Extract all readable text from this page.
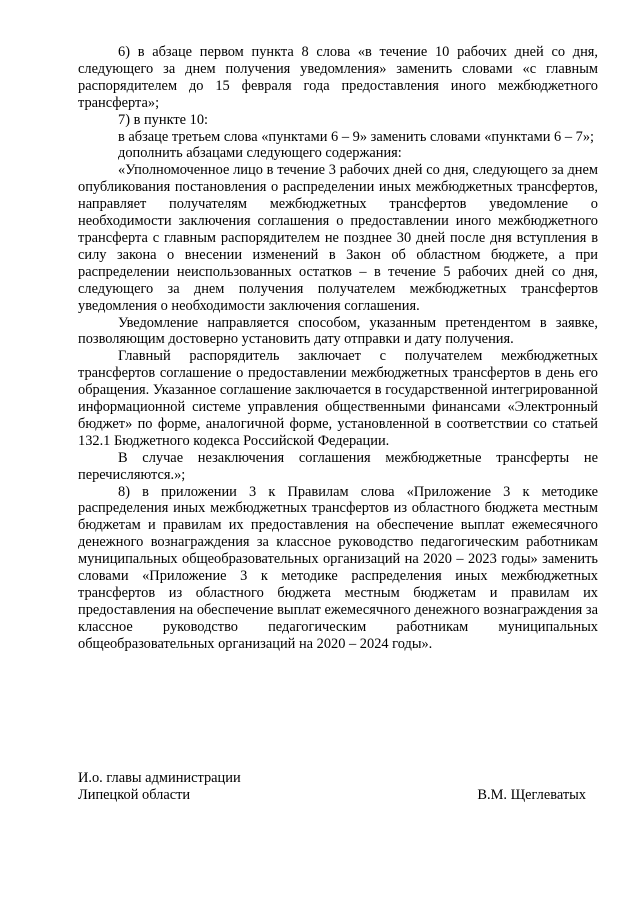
6) в абзаце первом пункта 8 слова «в течение 10 рабочих дней со дня, следующего за днем получения уведомления» заменить словами «с главным распорядителем до 15 февраля года предоставления иного межбюджетного трансферта»;

7) в пункте 10:

в абзаце третьем слова «пунктами 6 – 9» заменить словами «пунктами 6 – 7»;

дополнить абзацами следующего содержания:

«Уполномоченное лицо в течение 3 рабочих дней со дня, следующего за днем опубликования постановления о распределении иных межбюджетных трансфертов, направляет получателям межбюджетных трансфертов уведомление о необходимости заключения соглашения о предоставлении иного межбюджетного трансферта с главным распорядителем не позднее 30 дней после дня вступления в силу закона о внесении изменений в Закон об областном бюджете, а при распределении неиспользованных остатков – в течение 5 рабочих дней со дня, следующего за днем получения получателем межбюджетных трансфертов уведомления о необходимости заключения соглашения.

Уведомление направляется способом, указанным претендентом в заявке, позволяющим достоверно установить дату отправки и дату получения.

Главный распорядитель заключает с получателем межбюджетных трансфертов соглашение о предоставлении межбюджетных трансфертов в день его обращения. Указанное соглашение заключается в государственной интегрированной информационной системе управления общественными финансами «Электронный бюджет» по форме, аналогичной форме, установленной в соответствии со статьей 132.1 Бюджетного кодекса Российской Федерации.

В случае незаключения соглашения межбюджетные трансферты не перечисляются.»;

8) в приложении 3 к Правилам слова «Приложение 3 к методике распределения иных межбюджетных трансфертов из областного бюджета местным бюджетам и правилам их предоставления на обеспечение выплат ежемесячного денежного вознаграждения за классное руководство педагогическим работникам муниципальных общеобразовательных организаций на 2020 – 2023 годы» заменить словами «Приложение 3 к методике распределения иных межбюджетных трансфертов из областного бюджета местным бюджетам и правилам их предоставления на обеспечение выплат ежемесячного денежного вознаграждения за классное руководство педагогическим работникам муниципальных общеобразовательных организаций на 2020 – 2024 годы».

И.о. главы администрации
Липецкой области	В.М. Щеглеватых
